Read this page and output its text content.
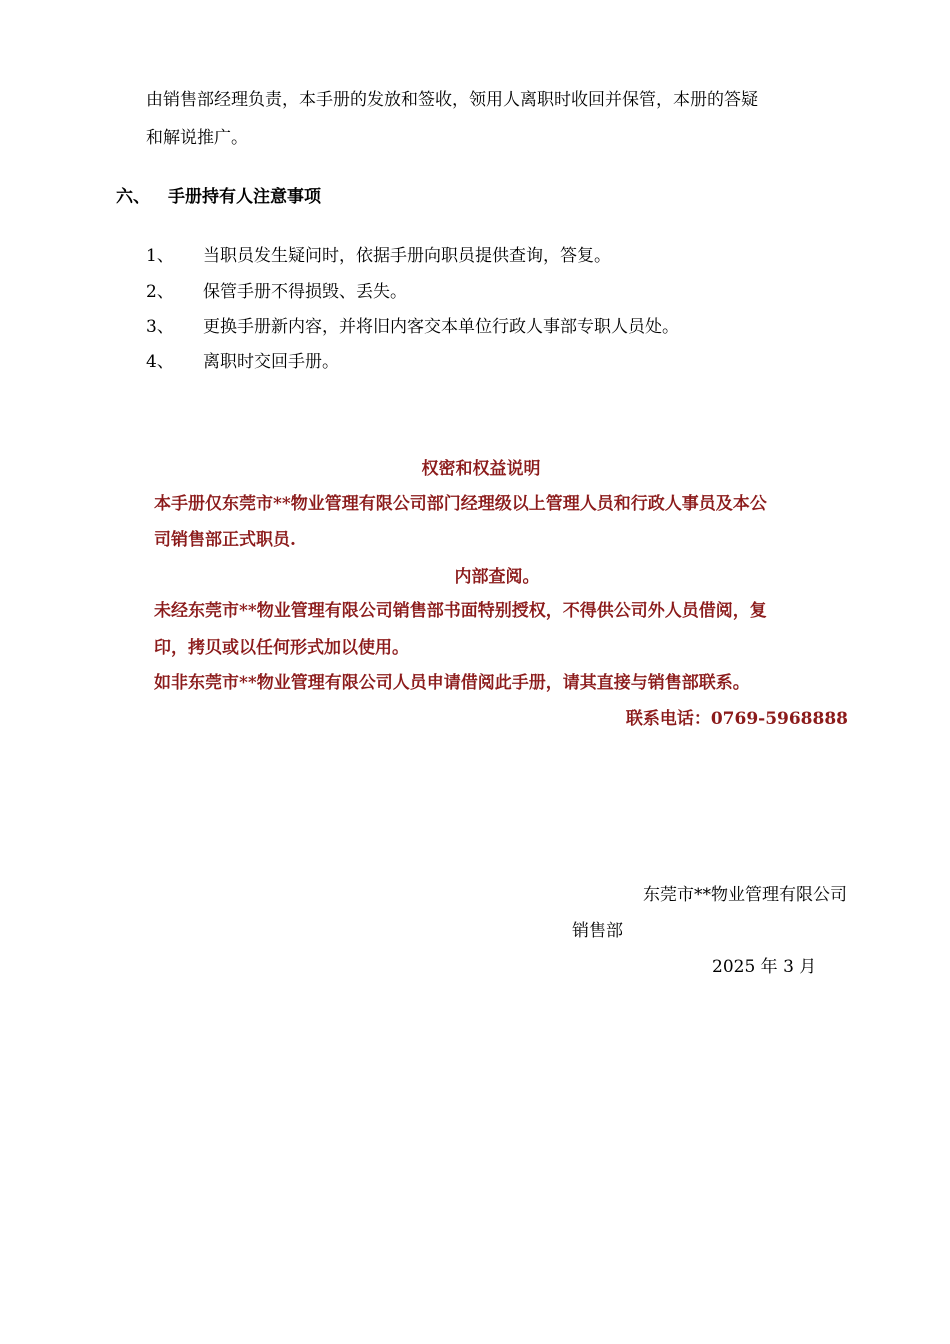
由销售部经理负责，本手册的发放和签收，领用人离职时收回并保管，本册的答疑
和解说推广。
六、 手册持有人注意事项
1、 当职员发生疑问时，依据手册向职员提供查询，答复。
2、 保管手册不得损毁、丢失。
3、 更换手册新内容，并将旧内客交本单位行政人事部专职人员处。
4、 离职时交回手册。
权密和权益说明
本手册仅东莞市**物业管理有限公司部门经理级以上管理人员和行政人事员及本公
司销售部正式职员.
内部查阅。
未经东莞市**物业管理有限公司销售部书面特别授权，不得供公司外人员借阅，复
印，拷贝或以任何形式加以使用。
如非东莞市**物业管理有限公司人员申请借阅此手册，请其直接与销售部联系。
联系电话：0769-5968888
东莞市**物业管理有限公司
销售部
2025 年 3 月
